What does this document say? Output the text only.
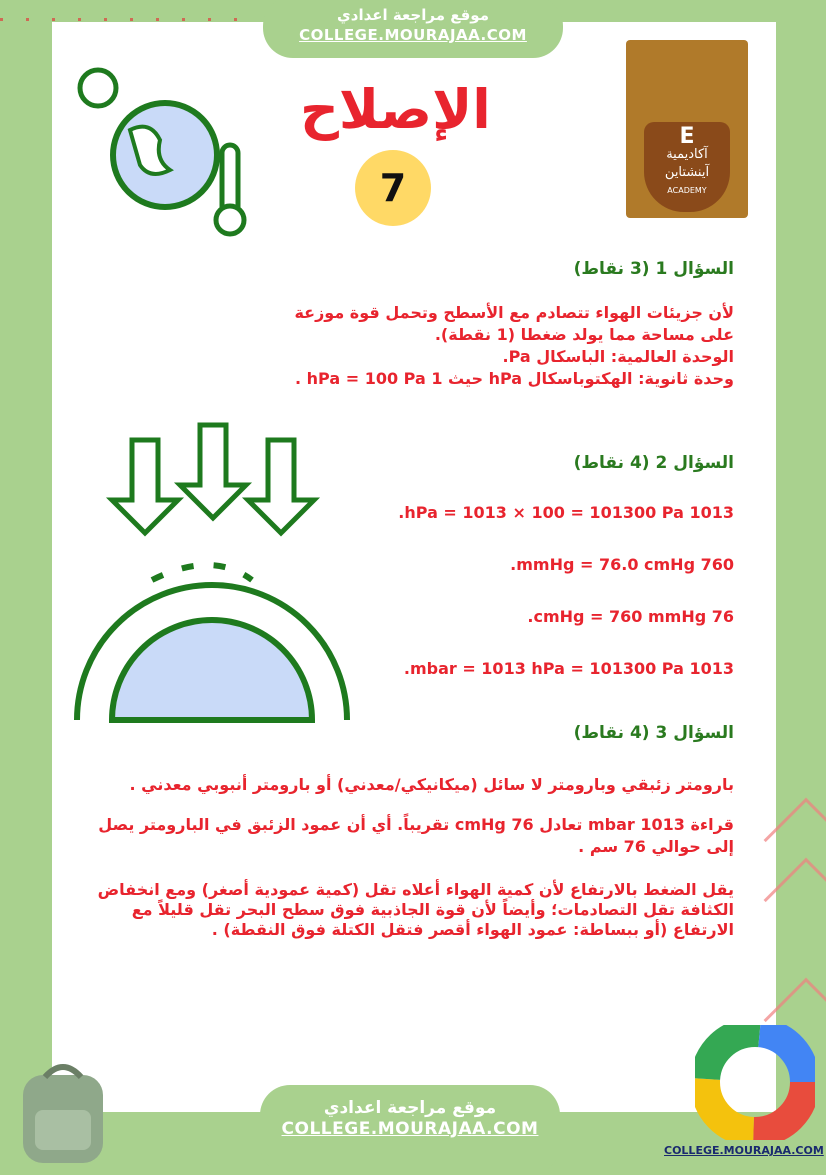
موقع مراجعة اعدادي
COLLEGE.MOURAJAA.COM
الإصلاح
7
E
آكاديمية آينشتاين
ACADEMY
السؤال 1 (3 نقاط)
لأن جزيئات الهواء تتصادم مع الأسطح وتحمل قوة موزعة على مساحة مما يولد ضغطا (1 نقطة).
الوحدة العالمية: الباسكال Pa.
وحدة ثانوية: الهكتوباسكال hPa حيث 1 hPa = 100 Pa .
السؤال 2 (4 نقاط)
1013 hPa = 1013 × 100 = 101300 Pa.
760 mmHg = 76.0 cmHg.
76 cmHg = 760 mmHg.
1013 mbar = 1013 hPa = 101300 Pa.
السؤال 3 (4 نقاط)
بارومتر زئبقي وبارومتر لا سائل (ميكانيكي/معدني) أو بارومتر أنبوبي معدني .
قراءة 1013 mbar تعادل 76 cmHg تقريباً. أي أن عمود الزئبق في البارومتر يصل إلى حوالي 76 سم .
يقل الضغط بالارتفاع لأن كمية الهواء أعلاه تقل (كمية عمودية أصغر) ومع انخفاض الكثافة تقل التصادمات؛ وأيضاً لأن قوة الجاذبية فوق سطح البحر تقل قليلاً مع الارتفاع (أو ببساطة: عمود الهواء أقصر فتقل الكتلة فوق النقطة) .
موقع مراجعة اعدادي
COLLEGE.MOURAJAA.COM
COLLEGE.MOURAJAA.COM
